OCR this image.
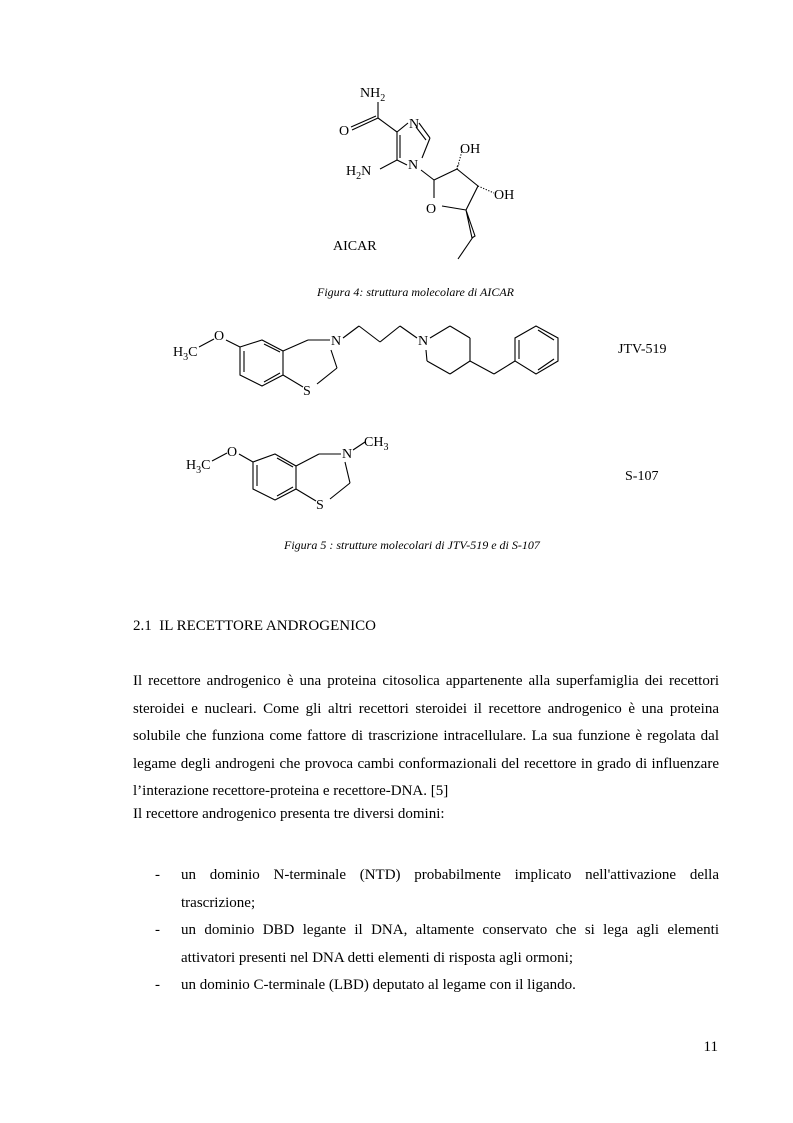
$NH_2$
O	N
N
$H_2N$
OH
OH
O
AICAR
Figura 4: struttura molecolare di AICAR
$H_3C$
O	N	N
S
JTV-519
$H_3C$
O	N
$CH_3$
S
S-107
Figura 5 : strutture molecolari di JTV-519 e di S-107
2.1 IL RECETTORE ANDROGENICO
Il recettore androgenico è una proteina citosolica appartenente alla superfamiglia dei recettori steroidei e nucleari. Come gli altri recettori steroidei il recettore androgenico è una proteina solubile che funziona come fattore di trascrizione intracellulare. La sua funzione è regolata dal legame degli androgeni che provoca cambi conformazionali del recettore in grado di influenzare l’interazione recettore-proteina e recettore-DNA. [5]
Il recettore androgenico presenta tre diversi domini:
- un dominio N-terminale (NTD) probabilmente implicato nell'attivazione della trascrizione;
- un dominio DBD legante il DNA, altamente conservato che si lega agli elementi attivatori presenti nel DNA detti elementi di risposta agli ormoni;
- un dominio C-terminale (LBD) deputato al legame con il ligando.
11
